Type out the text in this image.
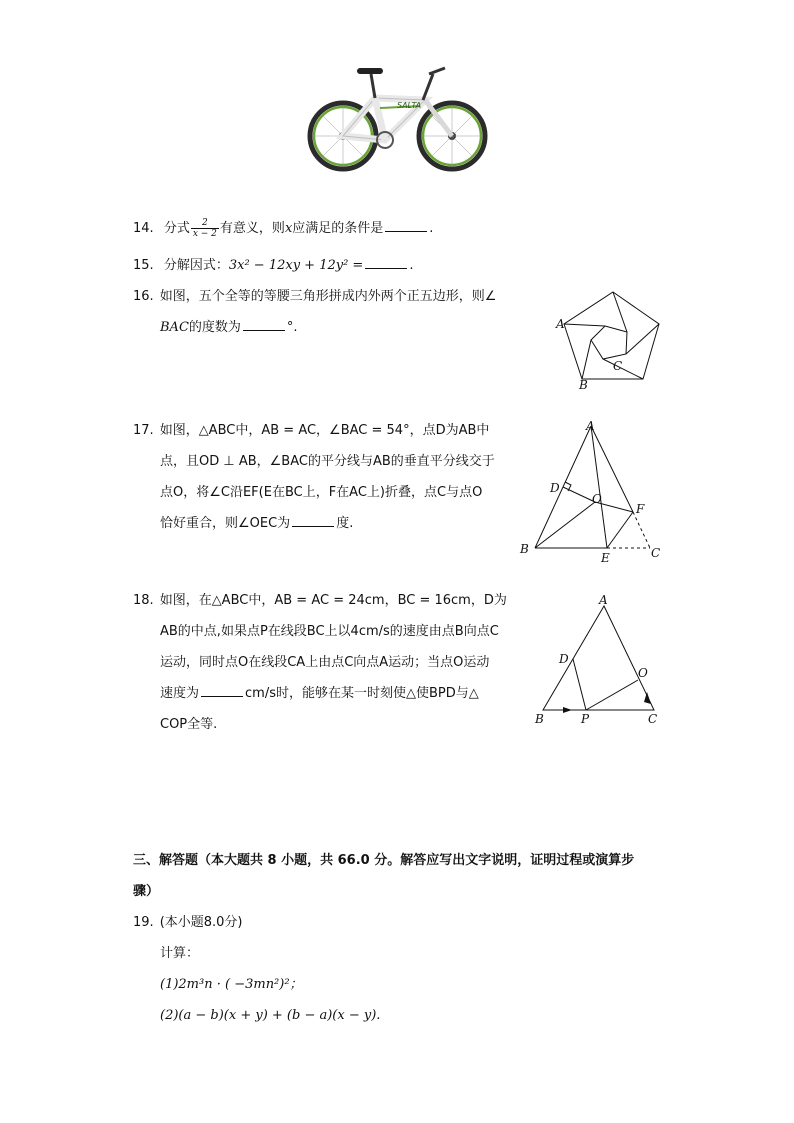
SALTA
14. 分式 $\frac{2}{x - 2}$ 有意义，则x应满足的条件是	.
15. 分解因式：3x² − 12xy + 12y² =	.
16. 如图，五个全等的等腰三角形拼成内外两个正五边形，则∠
BAC的度数为	°.	A
B
C
17. 如图，△ABC中，AB = AC，∠BAC = 54°，点D为AB中
点，且OD ⊥ AB，∠BAC的平分线与AB的垂直平分线交于
点O，将∠C沿EF(E在BC上，F在AC上)折叠，点C与点O
恰好重合，则∠OEC为	度.
A
B	C
D
E
F
O
18. 如图，在△ABC中，AB = AC = 24cm，BC = 16cm，D为
AB的中点,如果点P在线段BC上以4cm/s的速度由点B向点C
运动，同时点O在线段CA上由点C向点A运动；当点O运动
速度为	cm/s时，能够在某一时刻使△使BPD与△
COP全等.
A
B	C
D
O
P
三、解答题（本大题共 8 小题，共 66.0 分。解答应写出文字说明，证明过程或演算步
骤）
19. (本小题8.0分)
计算：
(1)2m³n · ( −3mn²)²；
(2)(a − b)(x + y) + (b − a)(x − y).
